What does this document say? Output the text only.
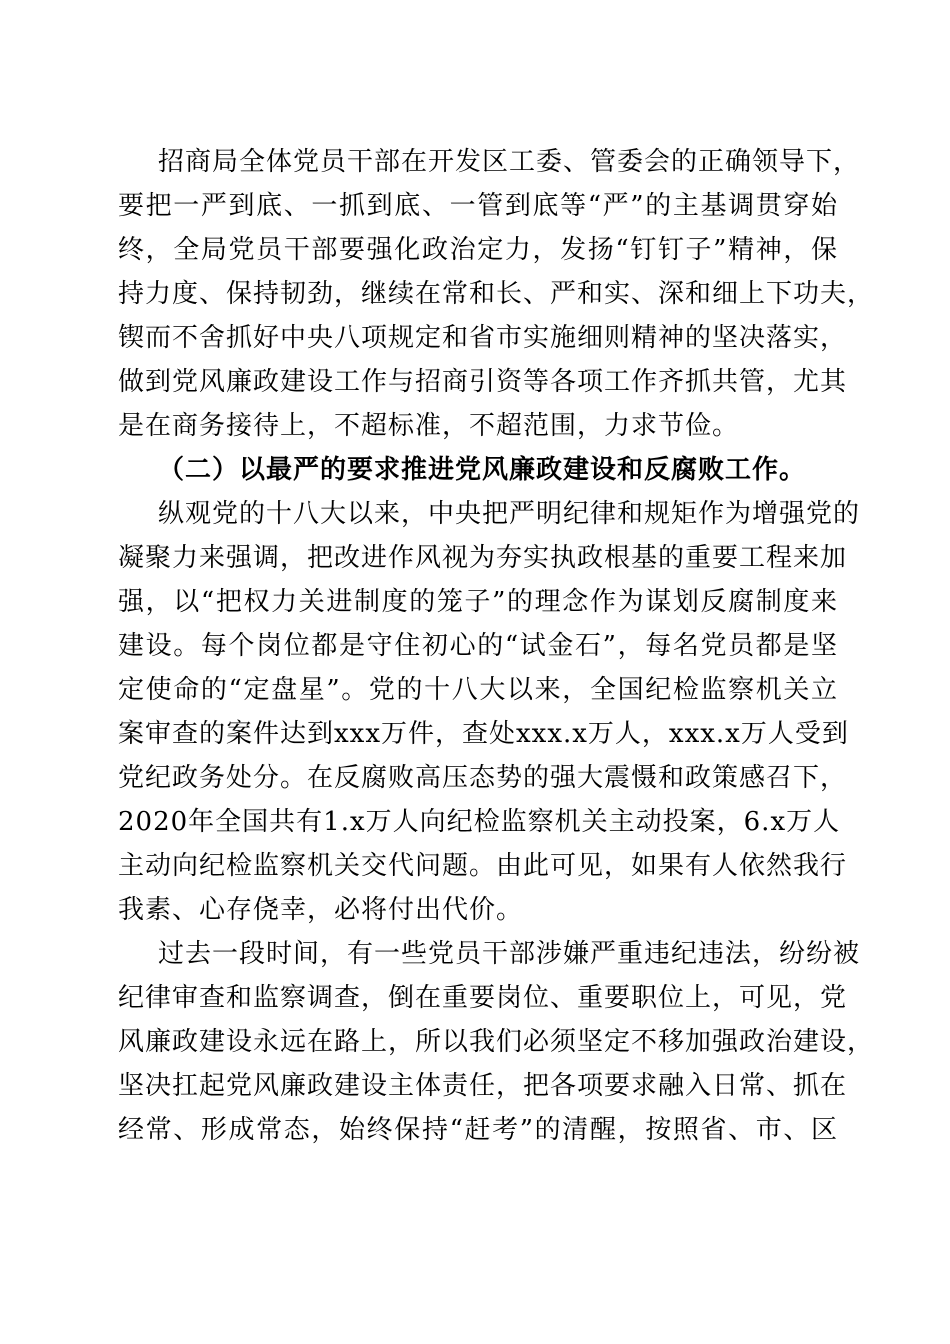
招商局全体党员干部在开发区工委、管委会的正确领导下，
要把一严到底、一抓到底、一管到底等“严”的主基调贯穿始
终，全局党员干部要强化政治定力，发扬“钉钉子”精神，保
持力度、保持韧劲，继续在常和长、严和实、深和细上下功夫，
锲而不舍抓好中央八项规定和省市实施细则精神的坚决落实，
做到党风廉政建设工作与招商引资等各项工作齐抓共管，尤其
是在商务接待上，不超标准，不超范围，力求节俭。
（二）以最严的要求推进党风廉政建设和反腐败工作。
纵观党的十八大以来，中央把严明纪律和规矩作为增强党的
凝聚力来强调，把改进作风视为夯实执政根基的重要工程来加
强，以“把权力关进制度的笼子”的理念作为谋划反腐制度来
建设。每个岗位都是守住初心的“试金石”，每名党员都是坚
定使命的“定盘星”。党的十八大以来，全国纪检监察机关立
案审查的案件达到xxx万件，查处xxx.x万人，xxx.x万人受到
党纪政务处分。在反腐败高压态势的强大震慑和政策感召下，
2020年全国共有1.x万人向纪检监察机关主动投案，6.x万人
主动向纪检监察机关交代问题。由此可见，如果有人依然我行
我素、心存侥幸，必将付出代价。
过去一段时间，有一些党员干部涉嫌严重违纪违法，纷纷被
纪律审查和监察调查，倒在重要岗位、重要职位上，可见，党
风廉政建设永远在路上，所以我们必须坚定不移加强政治建设，
坚决扛起党风廉政建设主体责任，把各项要求融入日常、抓在
经常、形成常态，始终保持“赶考”的清醒，按照省、市、区
